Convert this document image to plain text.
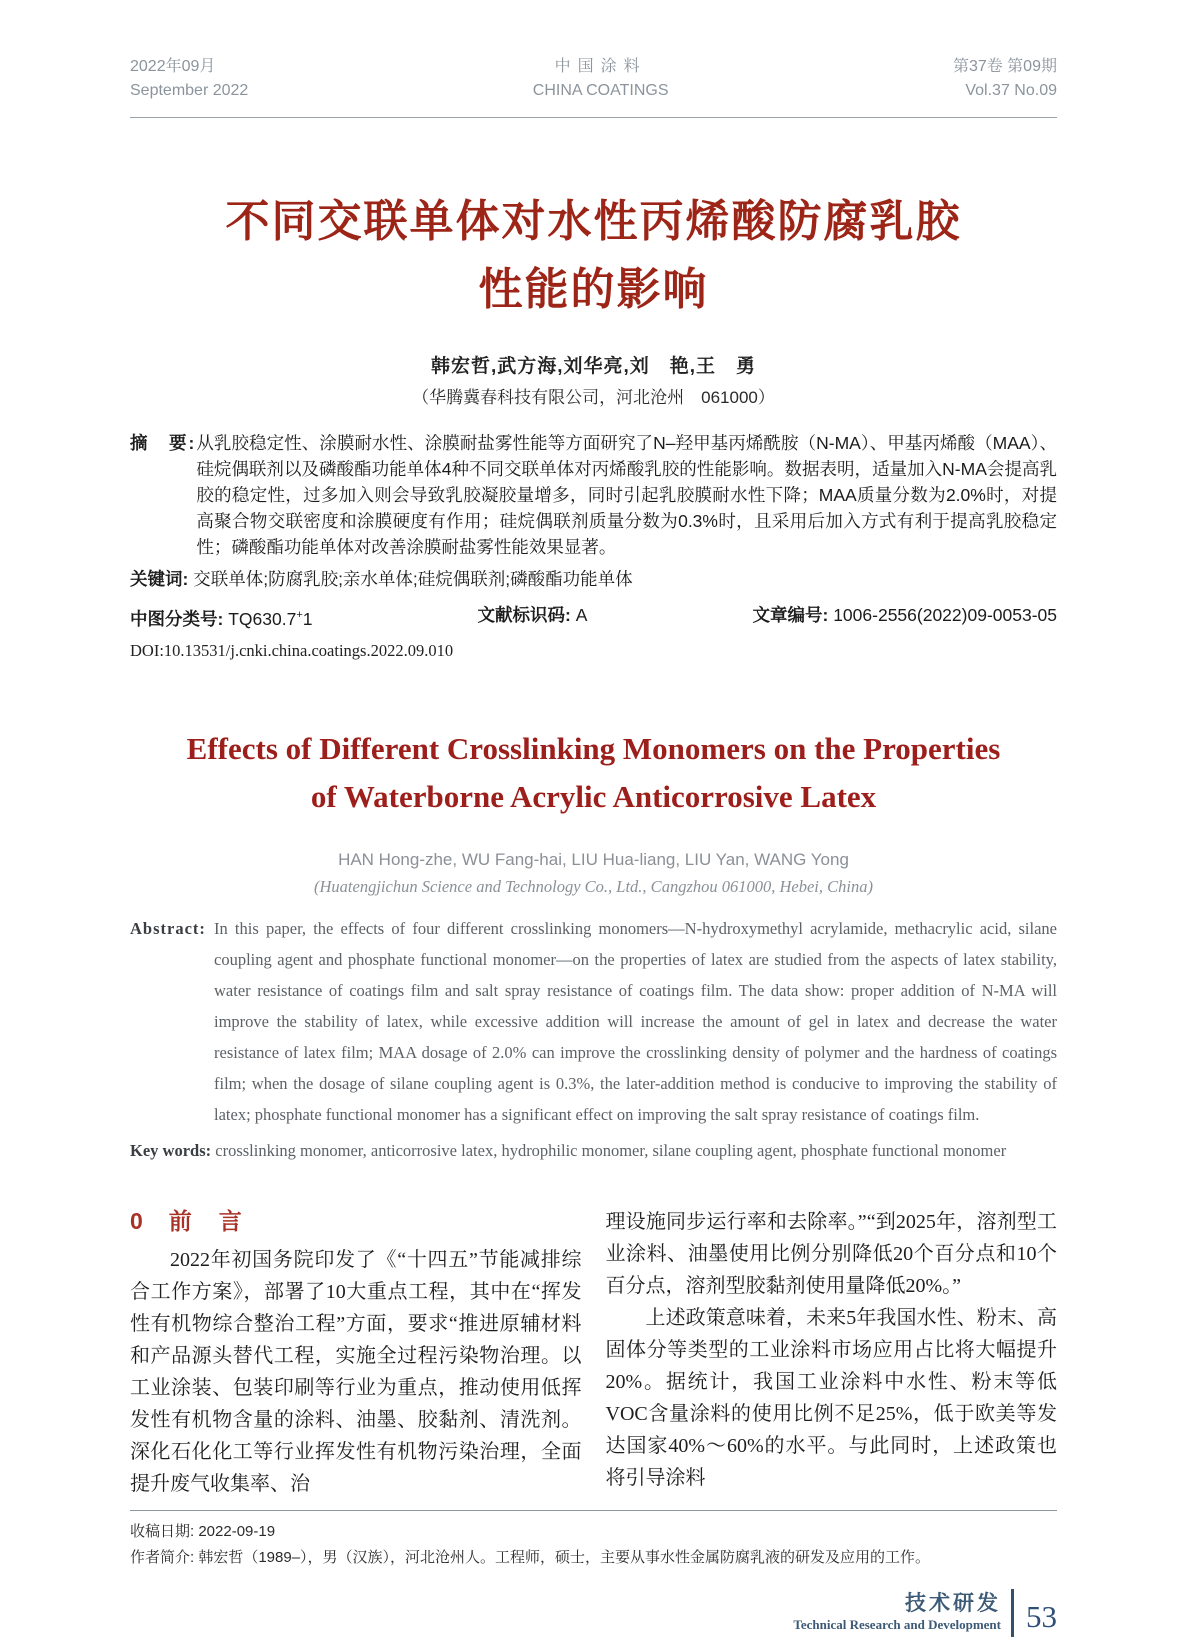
2022年09月
September 2022
中国涂料
CHINA COATINGS
第37卷 第09期
Vol.37 No.09
不同交联单体对水性丙烯酸防腐乳胶
性能的影响
韩宏哲,武方海,刘华亮,刘　艳,王　勇
（华腾冀春科技有限公司，河北沧州　061000）
摘　要: 从乳胶稳定性、涂膜耐水性、涂膜耐盐雾性能等方面研究了N–羟甲基丙烯酰胺（N-MA）、甲基丙烯酸（MAA）、硅烷偶联剂以及磷酸酯功能单体4种不同交联单体对丙烯酸乳胶的性能影响。数据表明，适量加入N-MA会提高乳胶的稳定性，过多加入则会导致乳胶凝胶量增多，同时引起乳胶膜耐水性下降；MAA质量分数为2.0%时，对提高聚合物交联密度和涂膜硬度有作用；硅烷偶联剂质量分数为0.3%时，且采用后加入方式有利于提高乳胶稳定性；磷酸酯功能单体对改善涂膜耐盐雾性能效果显著。
关键词: 交联单体;防腐乳胶;亲水单体;硅烷偶联剂;磷酸酯功能单体
中图分类号: TQ630.7+1	文献标识码: A	文章编号: 1006-2556(2022)09-0053-05
DOI:10.13531/j.cnki.china.coatings.2022.09.010
Effects of Different Crosslinking Monomers on the Properties
of Waterborne Acrylic Anticorrosive Latex
HAN Hong-zhe, WU Fang-hai, LIU Hua-liang, LIU Yan, WANG Yong
(Huatengjichun Science and Technology Co., Ltd., Cangzhou 061000, Hebei, China)
Abstract: In this paper, the effects of four different crosslinking monomers—N-hydroxymethyl acrylamide, methacrylic acid, silane coupling agent and phosphate functional monomer—on the properties of latex are studied from the aspects of latex stability, water resistance of coatings film and salt spray resistance of coatings film. The data show: proper addition of N-MA will improve the stability of latex, while excessive addition will increase the amount of gel in latex and decrease the water resistance of latex film; MAA dosage of 2.0% can improve the crosslinking density of polymer and the hardness of coatings film; when the dosage of silane coupling agent is 0.3%, the later-addition method is conducive to improving the stability of latex; phosphate functional monomer has a significant effect on improving the salt spray resistance of coatings film.
Key words: crosslinking monomer, anticorrosive latex, hydrophilic monomer, silane coupling agent, phosphate functional monomer
0 前　言

2022年初国务院印发了《“十四五”节能减排综合工作方案》，部署了10大重点工程，其中在“挥发性有机物综合整治工程”方面，要求“推进原辅材料和产品源头替代工程，实施全过程污染物治理。以工业涂装、包装印刷等行业为重点，推动使用低挥发性有机物含量的涂料、油墨、胶黏剂、清洗剂。深化石化化工等行业挥发性有机物污染治理，全面提升废气收集率、治

理设施同步运行率和去除率。”“到2025年，溶剂型工业涂料、油墨使用比例分别降低20个百分点和10个百分点，溶剂型胶黏剂使用量降低20%。”

上述政策意味着，未来5年我国水性、粉末、高固体分等类型的工业涂料市场应用占比将大幅提升20%。据统计，我国工业涂料中水性、粉末等低VOC含量涂料的使用比例不足25%，低于欧美等发达国家40%～60%的水平。与此同时，上述政策也将引导涂料

收稿日期: 2022-09-19
作者简介: 韩宏哲（1989–），男（汉族），河北沧州人。工程师，硕士，主要从事水性金属防腐乳液的研发及应用的工作。
技术研发
Technical Research and Development 53
